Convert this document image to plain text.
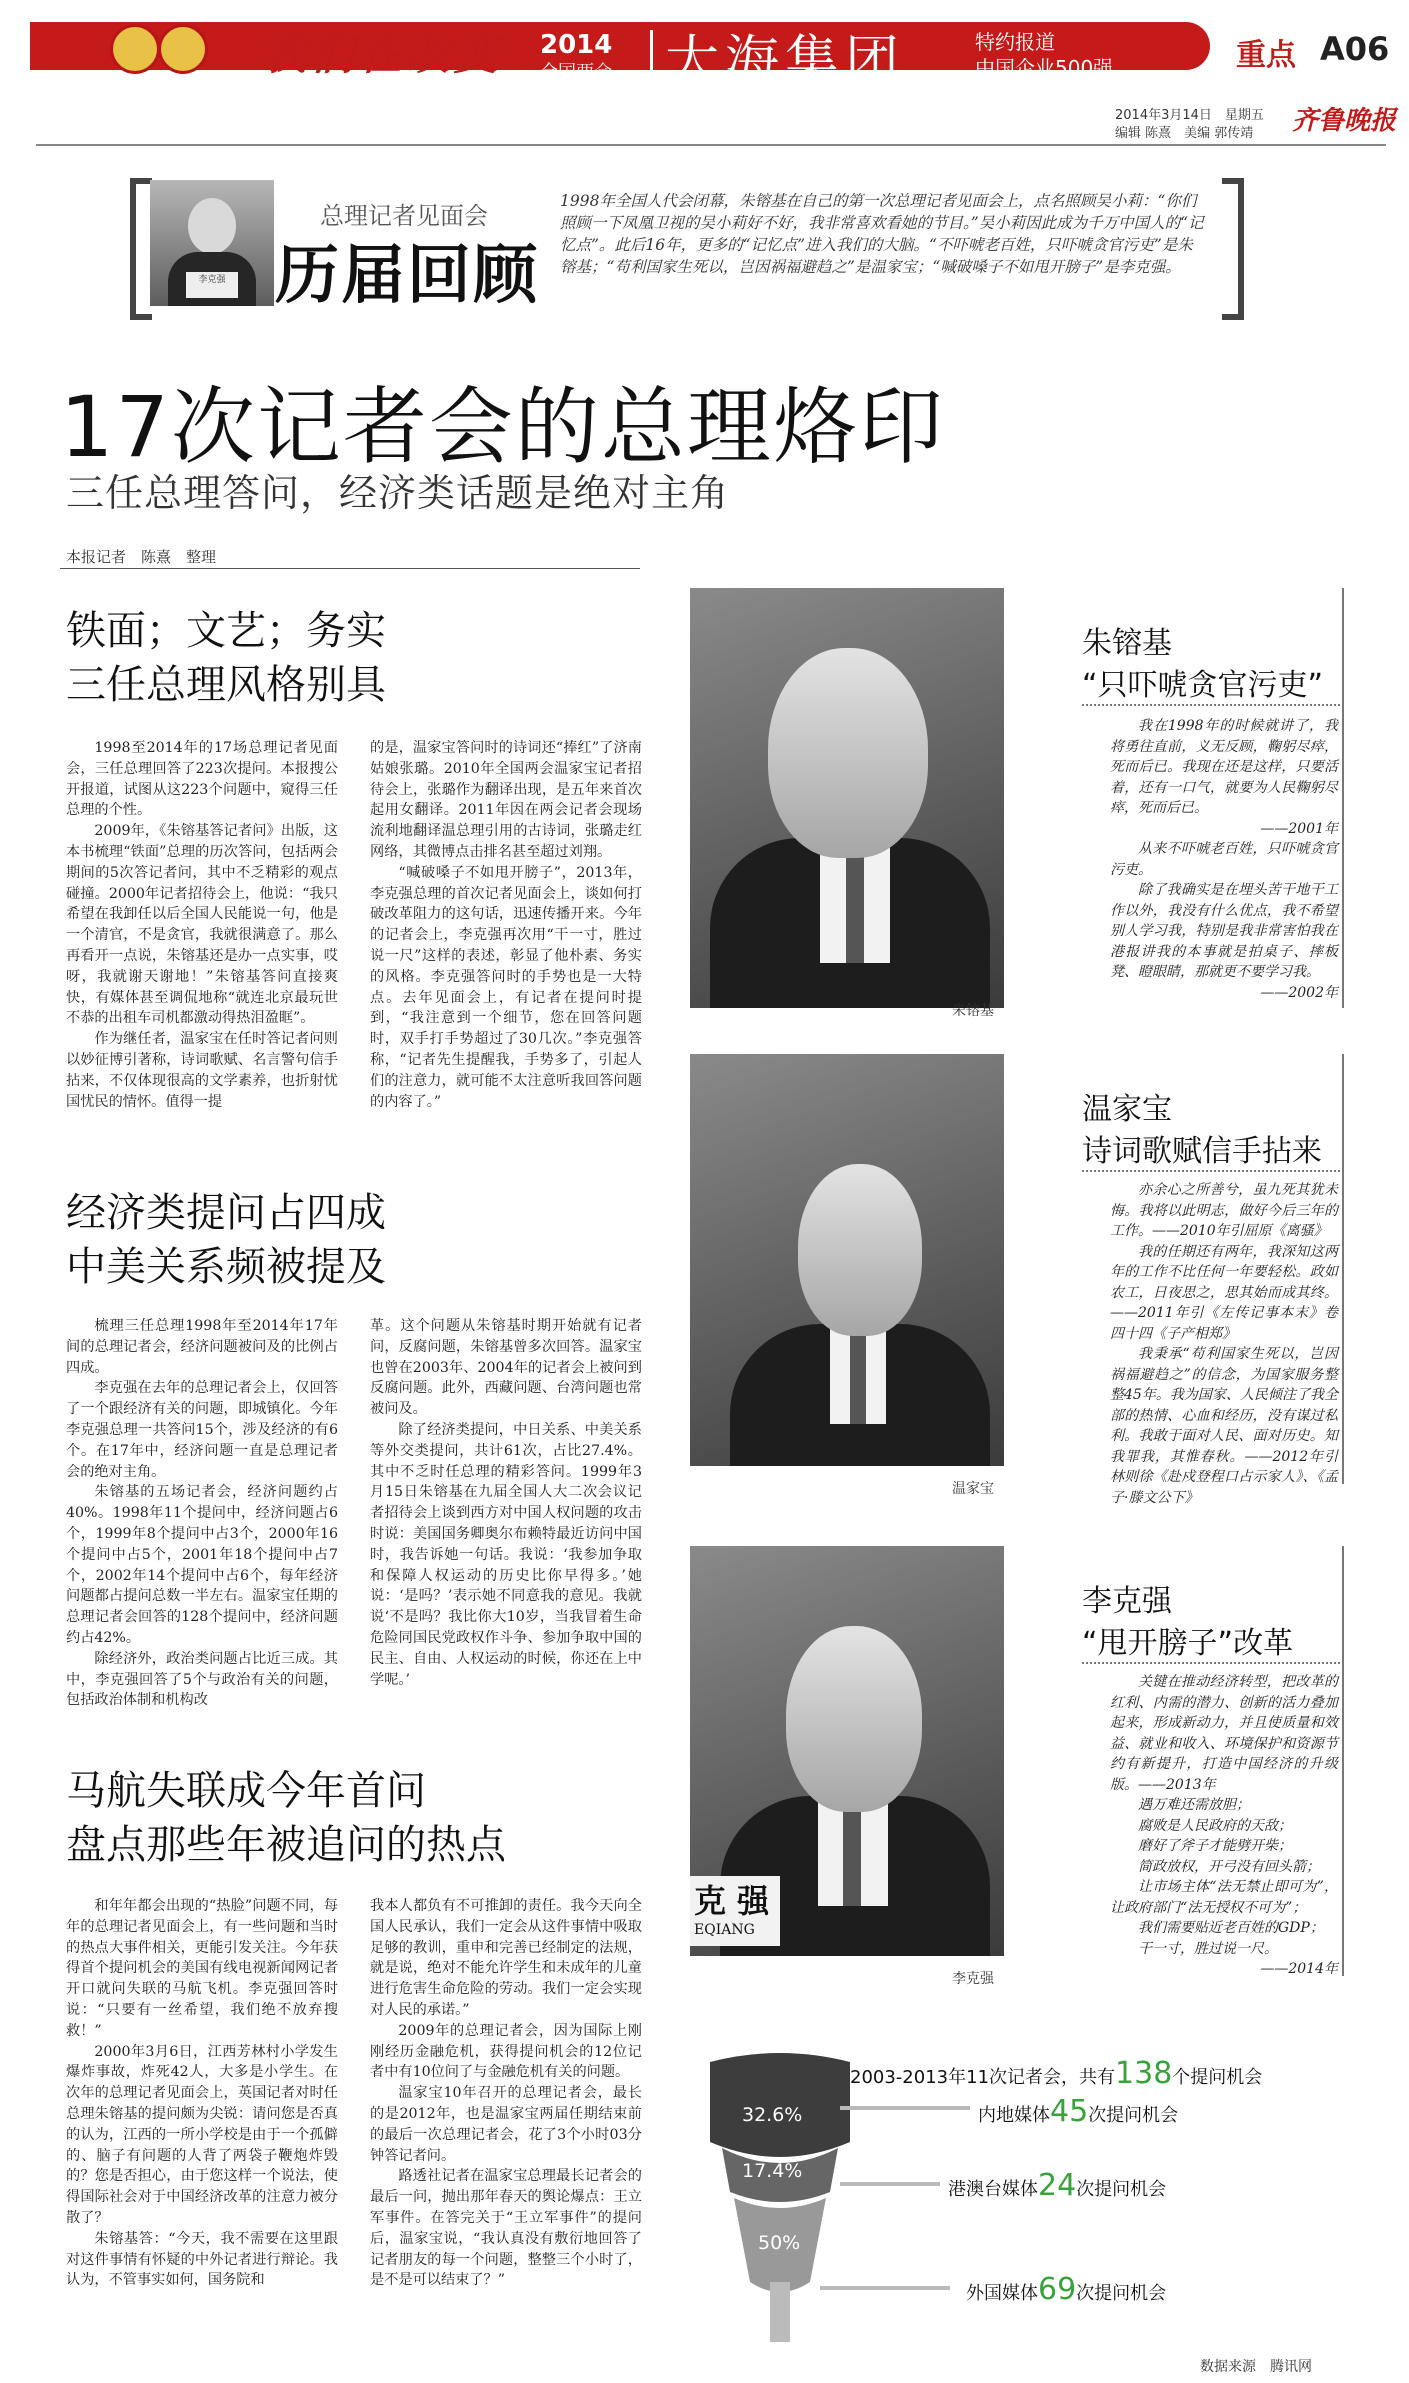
我们在改变 2014
全国两会 大海集团	特约报道
中国企业500强	重点 A06
2014年3月14日　星期五
编辑 陈熹　美编 郭传靖 齐鲁晚报
李克强
总理记者见面会
历届回顾
1998年全国人代会闭幕，朱镕基在自己的第一次总理记者见面会上，点名照顾吴小莉：“你们照顾一下凤凰卫视的吴小莉好不好，我非常喜欢看她的节目。”吴小莉因此成为千万中国人的“记忆点”。此后16年，更多的“记忆点”进入我们的大脑。“不吓唬老百姓，只吓唬贪官污吏”是朱镕基；“苟利国家生死以，岂因祸福避趋之”是温家宝；“喊破嗓子不如甩开膀子”是李克强。
17次记者会的总理烙印
三任总理答问，经济类话题是绝对主角
本报记者　陈熹　整理
铁面；文艺；务实
三任总理风格别具

1998至2014年的17场总理记者见面会，三任总理回答了223次提问。本报搜公开报道，试图从这223个问题中，窥得三任总理的个性。

2009年，《朱镕基答记者问》出版，这本书梳理“铁面”总理的历次答问，包括两会期间的5次答记者问，其中不乏精彩的观点碰撞。2000年记者招待会上，他说：“我只希望在我卸任以后全国人民能说一句，他是一个清官，不是贪官，我就很满意了。那么再看开一点说，朱镕基还是办一点实事，哎呀，我就谢天谢地！”朱镕基答问直接爽快，有媒体甚至调侃地称“就连北京最玩世不恭的出租车司机都激动得热泪盈眶”。

作为继任者，温家宝在任时答记者问则以妙征博引著称，诗词歌赋、名言警句信手拈来，不仅体现很高的文学素养，也折射忧国忧民的情怀。值得一提

的是，温家宝答问时的诗词还“捧红”了济南姑娘张璐。2010年全国两会温家宝记者招待会上，张璐作为翻译出现，是五年来首次起用女翻译。2011年因在两会记者会现场流利地翻译温总理引用的古诗词，张璐走红网络，其微博点击排名甚至超过刘翔。

“喊破嗓子不如甩开膀子”，2013年，李克强总理的首次记者见面会上，谈如何打破改革阻力的这句话，迅速传播开来。今年的记者会上，李克强再次用“干一寸，胜过说一尺”这样的表述，彰显了他朴素、务实的风格。李克强答问时的手势也是一大特点。去年见面会上，有记者在提问时提到，“我注意到一个细节，您在回答问题时，双手打手势超过了30几次。”李克强答称，“记者先生提醒我，手势多了，引起人们的注意力，就可能不太注意听我回答问题的内容了。”

经济类提问占四成
中美关系频被提及

梳理三任总理1998年至2014年17年间的总理记者会，经济问题被问及的比例占四成。

李克强在去年的总理记者会上，仅回答了一个跟经济有关的问题，即城镇化。今年李克强总理一共答问15个，涉及经济的有6个。在17年中，经济问题一直是总理记者会的绝对主角。

朱镕基的五场记者会，经济问题约占40%。1998年11个提问中，经济问题占6个，1999年8个提问中占3个，2000年16个提问中占5个，2001年18个提问中占7个，2002年14个提问中占6个，每年经济问题都占提问总数一半左右。温家宝任期的总理记者会回答的128个提问中，经济问题约占42%。

除经济外，政治类问题占比近三成。其中，李克强回答了5个与政治有关的问题，包括政治体制和机构改

革。这个问题从朱镕基时期开始就有记者问，反腐问题，朱镕基曾多次回答。温家宝也曾在2003年、2004年的记者会上被问到反腐问题。此外，西藏问题、台湾问题也常被问及。

除了经济类提问，中日关系、中美关系等外交类提问，共计61次，占比27.4%。其中不乏时任总理的精彩答问。1999年3月15日朱镕基在九届全国人大二次会议记者招待会上谈到西方对中国人权问题的攻击时说：美国国务卿奥尔布赖特最近访问中国时，我告诉她一句话。我说：‘我参加争取和保障人权运动的历史比你早得多。’她说：‘是吗？’表示她不同意我的意见。我就说‘不是吗？我比你大10岁，当我冒着生命危险同国民党政权作斗争、参加争取中国的民主、自由、人权运动的时候，你还在上中学呢。’

马航失联成今年首问
盘点那些年被追问的热点

和年年都会出现的“热脸”问题不同，每年的总理记者见面会上，有一些问题和当时的热点大事件相关，更能引发关注。今年获得首个提问机会的美国有线电视新闻网记者开口就问失联的马航飞机。李克强回答时说：“只要有一丝希望，我们绝不放弃搜救！”

2000年3月6日，江西芳林村小学发生爆炸事故，炸死42人，大多是小学生。在次年的总理记者见面会上，英国记者对时任总理朱镕基的提问颇为尖锐：请问您是否真的认为，江西的一所小学校是由于一个孤僻的、脑子有问题的人背了两袋子鞭炮炸毁的？您是否担心，由于您这样一个说法，使得国际社会对于中国经济改革的注意力被分散了？

朱镕基答：“今天，我不需要在这里跟对这件事情有怀疑的中外记者进行辩论。我认为，不管事实如何，国务院和

我本人都负有不可推卸的责任。我今天向全国人民承认，我们一定会从这件事情中吸取足够的教训，重申和完善已经制定的法规，就是说，绝对不能允许学生和未成年的儿童进行危害生命危险的劳动。我们一定会实现对人民的承诺。”

2009年的总理记者会，因为国际上刚刚经历金融危机，获得提问机会的12位记者中有10位问了与金融危机有关的问题。

温家宝10年召开的总理记者会，最长的是2012年，也是温家宝两届任期结束前的最后一次总理记者会，花了3个小时03分钟答记者问。

路透社记者在温家宝总理最长记者会的最后一问，抛出那年春天的舆论爆点：王立军事件。在答完关于“王立军事件”的提问后，温家宝说，“我认真没有敷衍地回答了记者朋友的每一个问题，整整三个小时了，是不是可以结束了？”

朱镕基
朱镕基
“只吓唬贪官污吏”

我在1998年的时候就讲了，我将勇往直前，义无反顾，鞠躬尽瘁，死而后已。我现在还是这样，只要活着，还有一口气，就要为人民鞠躬尽瘁，死而后已。

——2001年

从来不吓唬老百姓，只吓唬贪官污吏。

除了我确实是在埋头苦干地干工作以外，我没有什么优点，我不希望别人学习我，特别是我非常害怕我在港报讲我的本事就是拍桌子、摔板凳、瞪眼睛，那就更不要学习我。

——2002年

温家宝
温家宝
诗词歌赋信手拈来

亦余心之所善兮，虽九死其犹未悔。我将以此明志，做好今后三年的工作。——2010年引屈原《离骚》

我的任期还有两年，我深知这两年的工作不比任何一年要轻松。政如农工，日夜思之，思其始而成其终。——2011年引《左传记事本末》卷四十四《子产相郑》

我秉承“苟利国家生死以，岂因祸福避趋之”的信念，为国家服务整整45年。我为国家、人民倾注了我全部的热情、心血和经历，没有谋过私利。我敢于面对人民、面对历史。知我罪我，其惟春秋。——2012年引林则徐《赴戍登程口占示家人》、《孟子·滕文公下》

克 强
EQIANG
李克强
李克强
“甩开膀子”改革

关键在推动经济转型，把改革的红利、内需的潜力、创新的活力叠加起来，形成新动力，并且使质量和效益、就业和收入、环境保护和资源节约有新提升，打造中国经济的升级版。——2013年

遇万难还需放胆；

腐败是人民政府的天敌；

磨好了斧子才能劈开柴；

简政放权，开弓没有回头箭；

让市场主体“法无禁止即可为”，让政府部门“法无授权不可为”；

我们需要贴近老百姓的GDP；

干一寸，胜过说一尺。

——2014年

32.6%
17.4%
50%
2003-2013年11次记者会，共有138个提问机会
内地媒体45次提问机会
港澳台媒体24次提问机会
外国媒体69次提问机会
数据来源　腾讯网
